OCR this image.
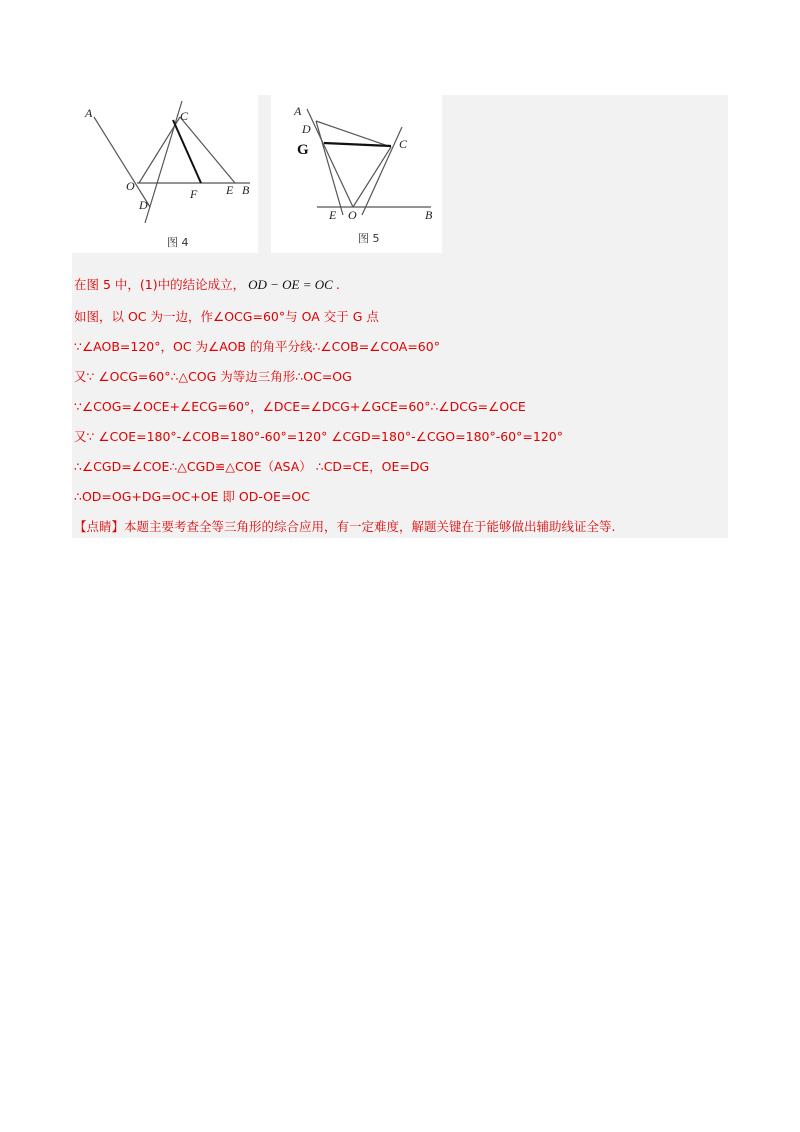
A	C
O
F E B
D
图 4
A
D
G	C
E O	B
图 5
在图 5 中，(1)中的结论成立， OD − OE = OC .
如图，以 OC 为一边，作∠OCG=60°与 OA 交于 G 点
∵∠AOB=120°，OC 为∠AOB 的角平分线∴∠COB=∠COA=60°
又∵ ∠OCG=60°∴△COG 为等边三角形∴OC=OG
∵∠COG=∠OCE+∠ECG=60°，∠DCE=∠DCG+∠GCE=60°∴∠DCG=∠OCE
又∵ ∠COE=180°-∠COB=180°-60°=120° ∠CGD=180°-∠CGO=180°-60°=120°
∴∠CGD=∠COE∴△CGD≌△COE（ASA） ∴CD=CE，OE=DG
∴OD=OG+DG=OC+OE 即 OD-OE=OC
【点睛】本题主要考查全等三角形的综合应用，有一定难度，解题关键在于能够做出辅助线证全等.
